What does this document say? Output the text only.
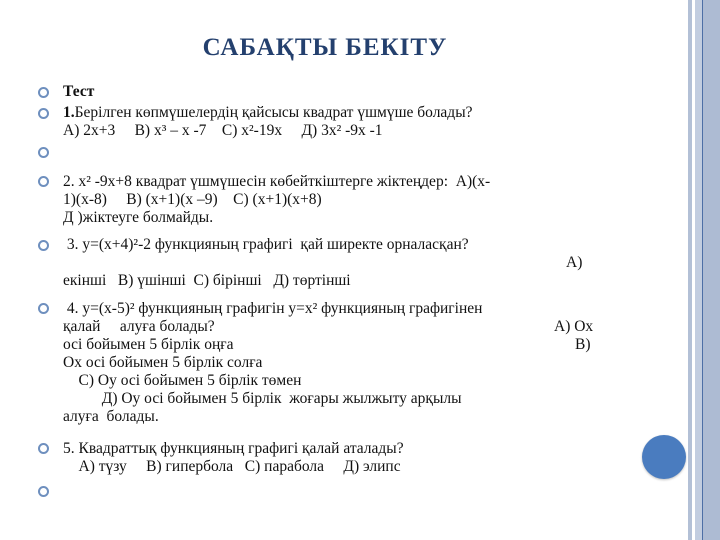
САБАҚТЫ БЕКІТУ
Тест
1.Берілген көпмүшелердің қайсысы квадрат үшмүше болады?
А) 2х+3     В) х³ – х -7    С) х²-19х     Д) 3х² -9х -1
2. х² -9х+8 квадрат үшмүшесін көбейткіштерге жіктеңдер:  А)(х-
1)(х-8)     В) (х+1)(х –9)    С) (х+1)(х+8)
Д )жіктеуге болмайды.
3. у=(х+4)²-2 функцияның графигі  қай ширекте орналасқан?
А)
екінші   В) үшінші  С) бірінші   Д) төртінші
4. у=(х-5)² функцияның графигін у=х² функцияның графигінен
қалай     алуға болады?	А) Ох
осі бойымен 5 бірлік оңға	В)
Ох осі бойымен 5 бірлік солға
С) Оу осі бойымен 5 бірлік төмен
Д) Оу осі бойымен 5 бірлік  жоғары жылжыту арқылы
алуға  болады.
5. Квадраттық функцияның графигі қалай аталады?
А) түзу     В) гипербола   С) парабола     Д) элипс
